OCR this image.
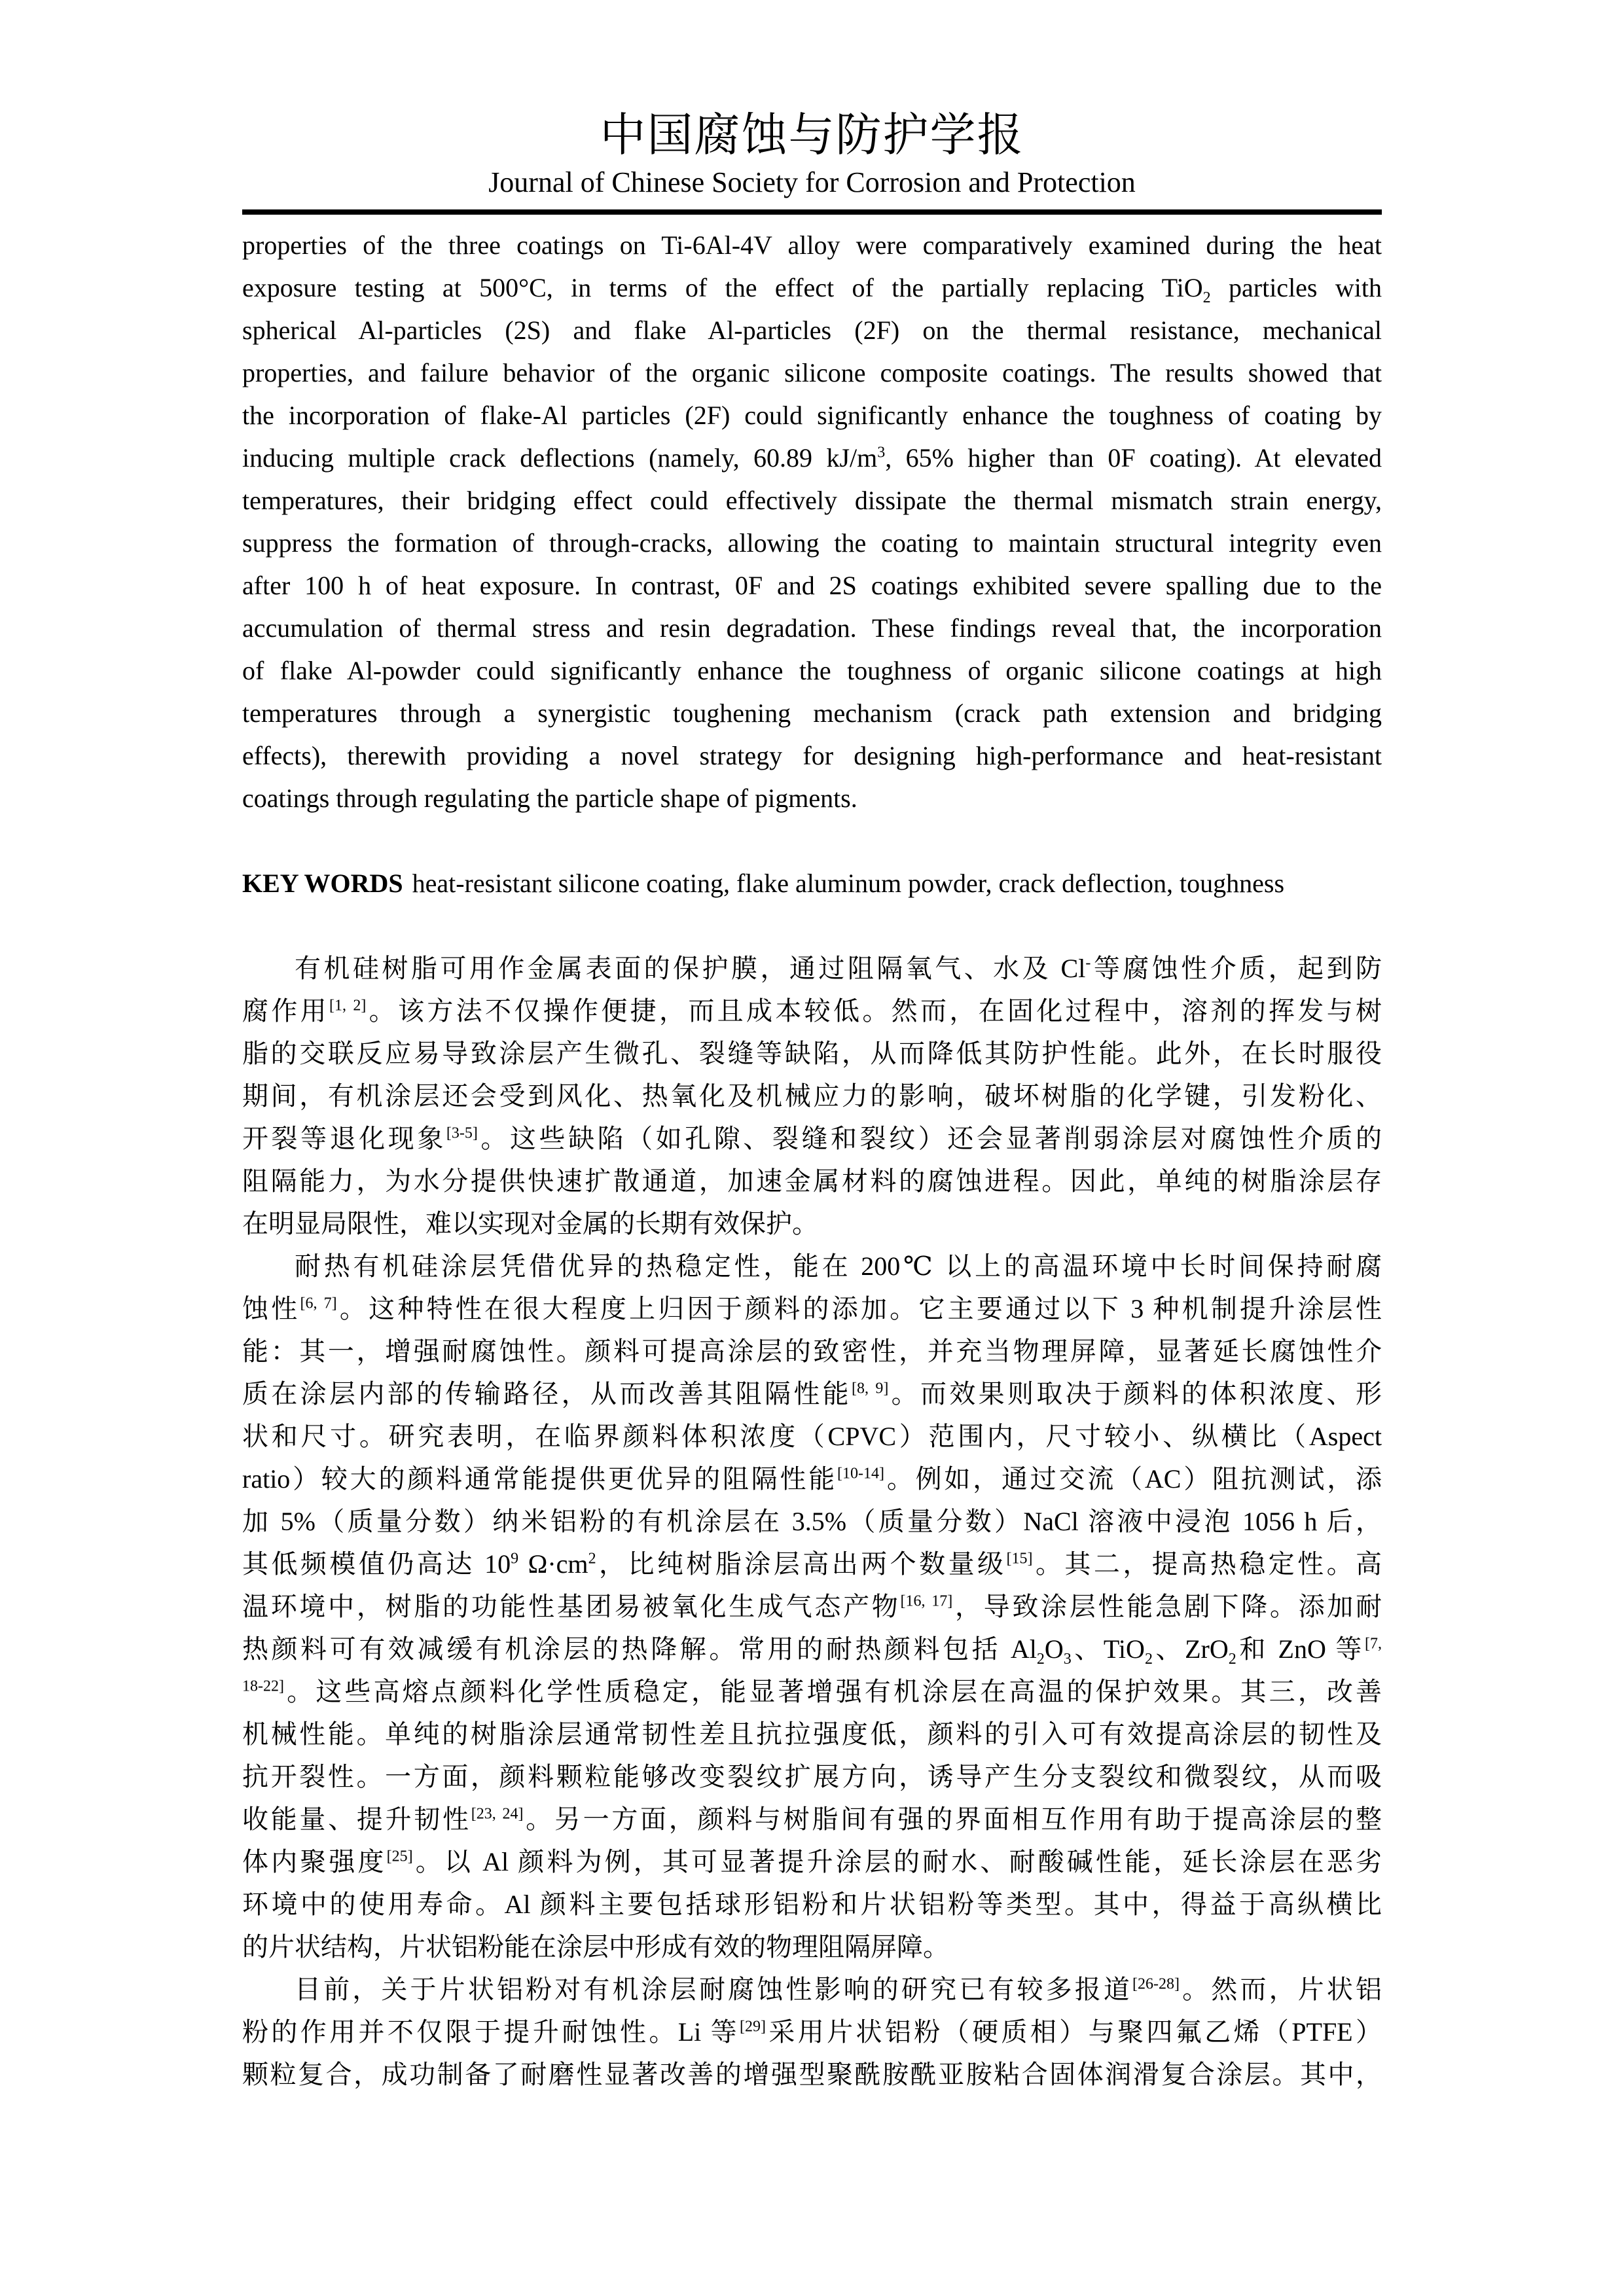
中国腐蚀与防护学报
Journal of Chinese Society for Corrosion and Protection
properties of the three coatings on Ti-6Al-4V alloy were comparatively examined during the heat
exposure testing at 500°C, in terms of the effect of the partially replacing TiO$_2$ particles with
spherical Al-particles (2S) and flake Al-particles (2F) on the thermal resistance, mechanical
properties, and failure behavior of the organic silicone composite coatings. The results showed that
the incorporation of flake-Al particles (2F) could significantly enhance the toughness of coating by
inducing multiple crack deflections (namely, 60.89 $kJ/m^3$, 65% higher than 0F coating). At elevated
temperatures, their bridging effect could effectively dissipate the thermal mismatch strain energy,
suppress the formation of through-cracks, allowing the coating to maintain structural integrity even
after 100 h of heat exposure. In contrast, 0F and 2S coatings exhibited severe spalling due to the
accumulation of thermal stress and resin degradation. These findings reveal that, the incorporation
of flake Al-powder could significantly enhance the toughness of organic silicone coatings at high
temperatures through a synergistic toughening mechanism (crack path extension and bridging
effects), therewith providing a novel strategy for designing high-performance and heat-resistant
coatings through regulating the particle shape of pigments.
KEY WORDS heat-resistant silicone coating, flake aluminum powder, crack deflection, toughness
有机硅树脂可用作金属表面的保护膜，通过阻隔氧气、水及 Cl-等腐蚀性介质，起到防
腐作用[1, 2]。该方法不仅操作便捷，而且成本较低。然而，在固化过程中，溶剂的挥发与树
脂的交联反应易导致涂层产生微孔、裂缝等缺陷，从而降低其防护性能。此外，在长时服役
期间，有机涂层还会受到风化、热氧化及机械应力的影响，破坏树脂的化学键，引发粉化、
开裂等退化现象[3-5]。这些缺陷（如孔隙、裂缝和裂纹）还会显著削弱涂层对腐蚀性介质的
阻隔能力，为水分提供快速扩散通道，加速金属材料的腐蚀进程。因此，单纯的树脂涂层存
在明显局限性，难以实现对金属的长期有效保护。
耐热有机硅涂层凭借优异的热稳定性，能在 200℃ 以上的高温环境中长时间保持耐腐
蚀性[6, 7]。这种特性在很大程度上归因于颜料的添加。它主要通过以下 3 种机制提升涂层性
能：其一，增强耐腐蚀性。颜料可提高涂层的致密性，并充当物理屏障，显著延长腐蚀性介
质在涂层内部的传输路径，从而改善其阻隔性能[8, 9]。而效果则取决于颜料的体积浓度、形
状和尺寸。研究表明，在临界颜料体积浓度（CPVC）范围内，尺寸较小、纵横比（Aspect
ratio）较大的颜料通常能提供更优异的阻隔性能[10-14]。例如，通过交流（AC）阻抗测试，添
加 5%（质量分数）纳米铝粉的有机涂层在 3.5%（质量分数）NaCl 溶液中浸泡 1056 h 后，
其低频模值仍高达 $10^9$ $\Omega\cdot cm^2$，比纯树脂涂层高出两个数量级[15]。其二，提高热稳定性。高
温环境中，树脂的功能性基团易被氧化生成气态产物[16, 17]，导致涂层性能急剧下降。添加耐
热颜料可有效减缓有机涂层的热降解。常用的耐热颜料包括 $Al_2O_3$、TiO$_2$、ZrO$_2$和 ZnO 等$^{[7,}$
$^{18-22]}$。这些高熔点颜料化学性质稳定，能显著增强有机涂层在高温的保护效果。其三，改善
机械性能。单纯的树脂涂层通常韧性差且抗拉强度低，颜料的引入可有效提高涂层的韧性及
抗开裂性。一方面，颜料颗粒能够改变裂纹扩展方向，诱导产生分支裂纹和微裂纹，从而吸
收能量、提升韧性[23, 24]。另一方面，颜料与树脂间有强的界面相互作用有助于提高涂层的整
体内聚强度[25]。以 Al 颜料为例，其可显著提升涂层的耐水、耐酸碱性能，延长涂层在恶劣
环境中的使用寿命。Al 颜料主要包括球形铝粉和片状铝粉等类型。其中，得益于高纵横比
的片状结构，片状铝粉能在涂层中形成有效的物理阻隔屏障。
目前，关于片状铝粉对有机涂层耐腐蚀性影响的研究已有较多报道[26-28]。然而，片状铝
粉的作用并不仅限于提升耐蚀性。Li 等[29]采用片状铝粉（硬质相）与聚四氟乙烯（PTFE）
颗粒复合，成功制备了耐磨性显著改善的增强型聚酰胺酰亚胺粘合固体润滑复合涂层。其中，
